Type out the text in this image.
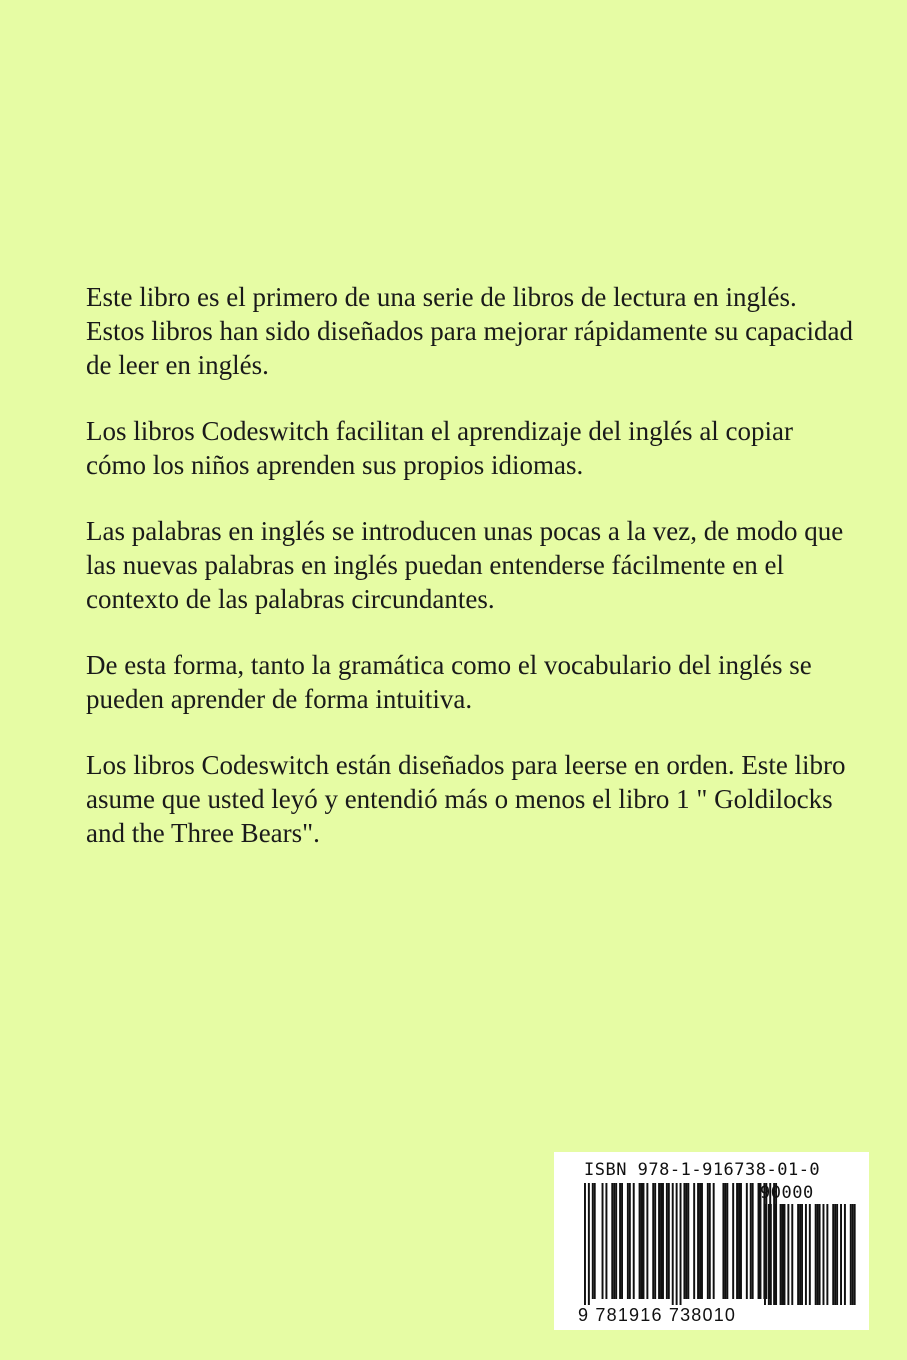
Este libro es el primero de una serie de libros de lectura en inglés. Estos libros han sido diseñados para mejorar rápidamente su capacidad de leer en inglés.

Los libros Codeswitch facilitan el aprendizaje del inglés al copiar cómo los niños aprenden sus propios idiomas.

Las palabras en inglés se introducen unas pocas a la vez, de modo que las nuevas palabras en inglés puedan entenderse fácilmente en el contexto de las palabras circundantes.

De esta forma, tanto la gramática como el vocabulario del inglés se pueden aprender de forma intuitiva.

Los libros Codeswitch están diseñados para leerse en orden. Este libro asume que usted leyó y entendió más o menos el libro 1 " Goldilocks and the Three Bears".

ISBN 978-1-916738-01-0
90000
9 781916 738010
